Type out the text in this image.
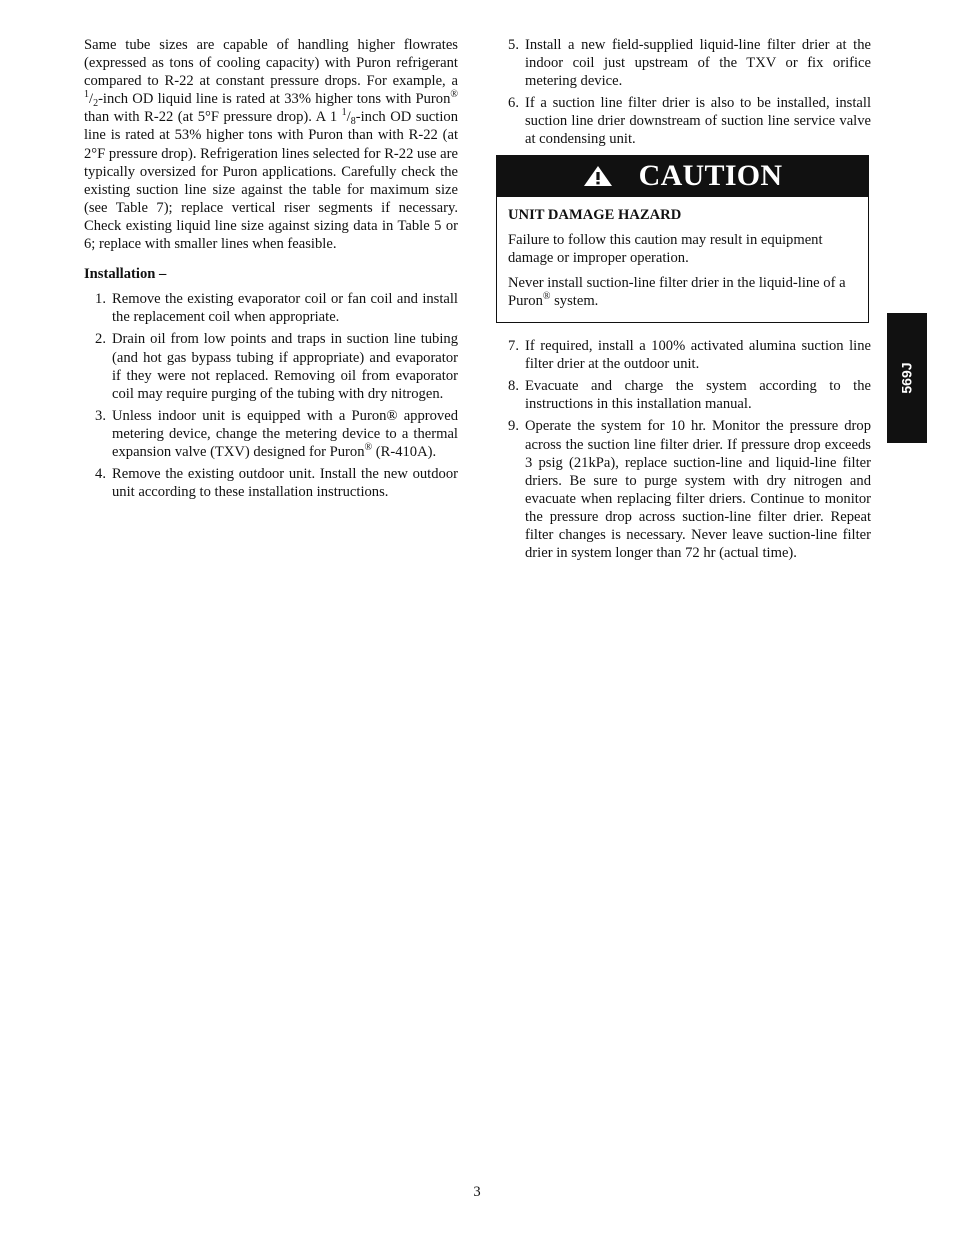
Same tube sizes are capable of handling higher flowrates (expressed as tons of cooling capacity) with Puron refrigerant compared to R-22 at constant pressure drops. For example, a $^1/_2$-inch OD liquid line is rated at 33% higher tons with Puron® than with R-22 (at 5°F pressure drop). A 1 $^1/_8$-inch OD suction line is rated at 53% higher tons with Puron than with R-22 (at 2°F pressure drop). Refrigeration lines selected for R-22 use are typically oversized for Puron applications. Carefully check the existing suction line size against the table for maximum size (see Table 7); replace vertical riser segments if necessary. Check existing liquid line size against sizing data in Table 5 or 6; replace with smaller lines when feasible.

Installation –

1. Remove the existing evaporator coil or fan coil and install the replacement coil when appropriate.
2. Drain oil from low points and traps in suction line tubing (and hot gas bypass tubing if appropriate) and evaporator if they were not replaced. Removing oil from evaporator coil may require purging of the tubing with dry nitrogen.
3. Unless indoor unit is equipped with a Puron® approved metering device, change the metering device to a thermal expansion valve (TXV) designed for Puron® (R-410A).
4. Remove the existing outdoor unit. Install the new outdoor unit according to these installation instructions.
5. Install a new field-supplied liquid-line filter drier at the indoor coil just upstream of the TXV or fix orifice metering device.
6. If a suction line filter drier is also to be installed, install suction line drier downstream of suction line service valve at condensing unit.
CAUTION

UNIT DAMAGE HAZARD

Failure to follow this caution may result in equipment damage or improper operation.

Never install suction-line filter drier in the liquid-line of a Puron® system.

7. If required, install a 100% activated alumina suction line filter drier at the outdoor unit.
8. Evacuate and charge the system according to the instructions in this installation manual.
9. Operate the system for 10 hr. Monitor the pressure drop across the suction line filter drier. If pressure drop exceeds 3 psig (21kPa), replace suction-line and liquid-line filter driers. Be sure to purge system with dry nitrogen and evacuate when replacing filter driers. Continue to monitor the pressure drop across suction-line filter drier. Repeat filter changes is necessary. Never leave suction-line filter drier in system longer than 72 hr (actual time).
569J
3
